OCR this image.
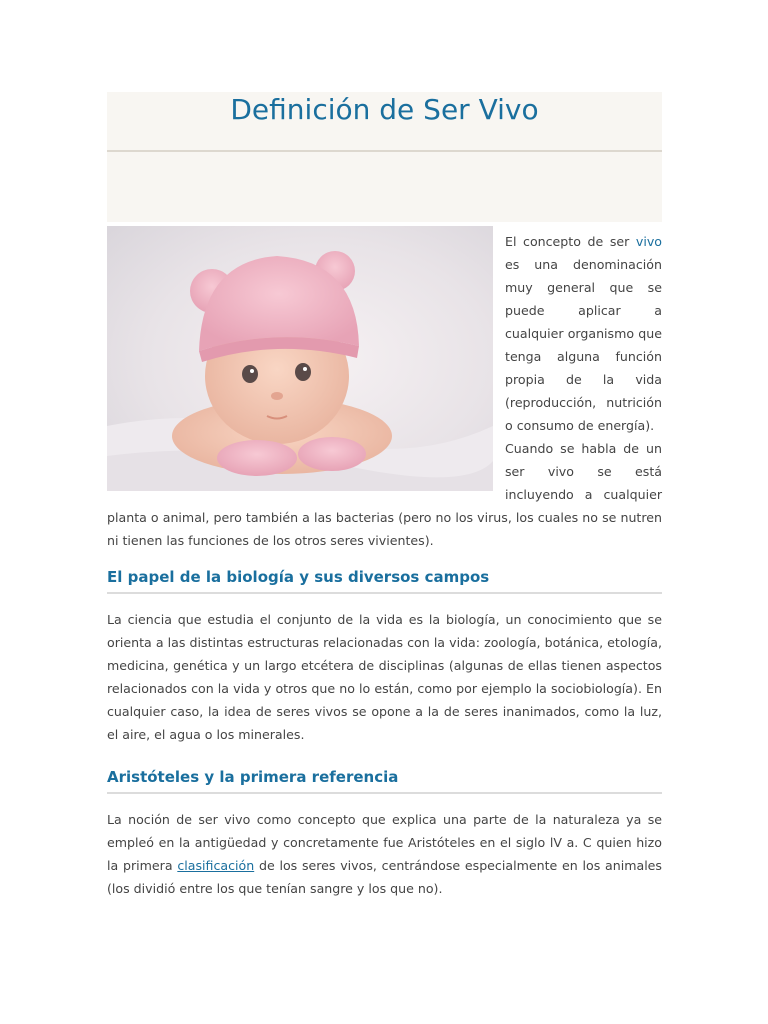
Definición de Ser Vivo

El concepto de ser vivo es una denominación muy general que se puede aplicar a cualquier organismo que tenga alguna función propia de la vida (reproducción, nutrición o consumo de energía).

Cuando se habla de un ser vivo se está incluyendo a cualquier planta o animal, pero también a las bacterias (pero no los virus, los cuales no se nutren ni tienen las funciones de los otros seres vivientes).

El papel de la biología y sus diversos campos

La ciencia que estudia el conjunto de la vida es la biología, un conocimiento que se orienta a las distintas estructuras relacionadas con la vida: zoología, botánica, etología, medicina, genética y un largo etcétera de disciplinas (algunas de ellas tienen aspectos relacionados con la vida y otros que no lo están, como por ejemplo la sociobiología). En cualquier caso, la idea de seres vivos se opone a la de seres inanimados, como la luz, el aire, el agua o los minerales.

Aristóteles y la primera referencia

La noción de ser vivo como concepto que explica una parte de la naturaleza ya se empleó en la antigüedad y concretamente fue Aristóteles en el siglo lV a. C quien hizo la primera clasificación de los seres vivos, centrándose especialmente en los animales (los dividió entre los que tenían sangre y los que no).
